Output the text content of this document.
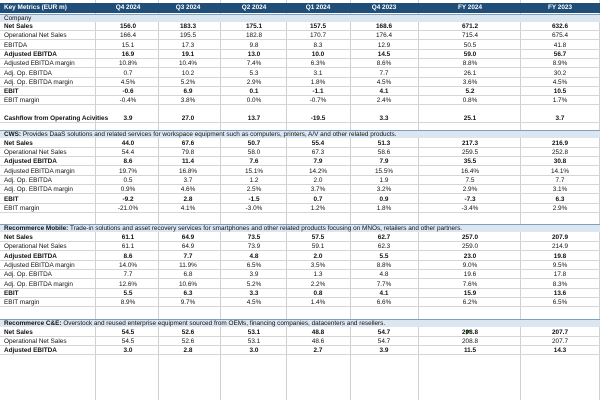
Key Metrics (EUR m)	Q4 2024	Q3 2024	Q2 2024	Q1 2024	Q4 2023	FY 2024	FY 2023
Company
Net Sales	156.0	183.3	175.1	157.5	168.6	671.2	632.6
Operational Net Sales	166.4	195.5	182.8	170.7	176.4	715.4	675.4
EBITDA	15.1	17.3	9.8	8.3	12.9	50.5	41.8
Adjusted EBITDA	16.9	19.1	13.0	10.0	14.5	59.0	56.7
Adjusted EBITDA margin	10.8%	10.4%	7.4%	6.3%	8.6%	8.8%	8.9%
Adj. Op. EBITDA	0.7	10.2	5.3	3.1	7.7	26.1	30.2
Adj. Op. EBITDA margin	4.5%	5.2%	2.9%	1.8%	4.5%	3.6%	4.5%
EBIT	-0.6	6.9	0.1	-1.1	4.1	5.2	10.5
EBIT margin	-0.4%	3.8%	0.0%	-0.7%	2.4%	0.8%	1.7%
Cashflow from Operating Acivities	3.9	27.0	13.7	-19.5	3.3	25.1	3.7
CWS: Provides DaaS solutions and related services for workspace equipment such as computers, printers, A/V and other related products.
Net Sales	44.0	67.6	50.7	55.4	51.3	217.3	216.9
Operational Net Sales	54.4	79.8	58.0	67.3	58.6	259.5	252.8
Adjusted EBITDA	8.6	11.4	7.6	7.9	7.9	35.5	30.8
Adjusted EBITDA margin	19.7%	16.8%	15.1%	14.2%	15.5%	16.4%	14.1%
Adj. Op. EBITDA	0.5	3.7	1.2	2.0	1.9	7.5	7.7
Adj. Op. EBITDA margin	0.9%	4.6%	2.5%	3.7%	3.2%	2.9%	3.1%
EBIT	-9.2	2.8	-1.5	0.7	0.9	-7.3	6.3
EBIT margin	-21.0%	4.1%	-3.0%	1.2%	1.8%	-3.4%	2.9%
Recommerce Mobile: Trade-in solutions and asset recovery services for smartphones and other related products focusing on MNOs, retailers and other partners.
Net Sales	61.1	64.9	73.5	57.5	62.7	257.0	207.9
Operational Net Sales	61.1	64.9	73.9	59.1	62.3	259.0	214.9
Adjusted EBITDA	8.6	7.7	4.8	2.0	5.5	23.0	19.8
Adjusted EBITDA margin	14.0%	11.9%	6.5%	3.5%	8.8%	9.0%	9.5%
Adj. Op. EBITDA	7.7	6.8	3.9	1.3	4.8	19.6	17.8
Adj. Op. EBITDA margin	12.6%	10.6%	5.2%	2.2%	7.7%	7.6%	8.3%
EBIT	5.5	6.3	3.3	0.8	4.1	15.9	13.6
EBIT margin	8.9%	9.7%	4.5%	1.4%	6.6%	6.2%	6.5%
Recommerce C&E: Overstock and reused enterprise equipment sourced from OEMs, financing companies, datacenters and resellers.
Net Sales	54.5	52.6	53.1	48.8	54.7	208.8	207.7
Operational Net Sales	54.5	52.6	53.1	48.6	54.7	208.8	207.7
Adjusted EBITDA	3.0	2.8	3.0	2.7	3.9	11.5	14.3
